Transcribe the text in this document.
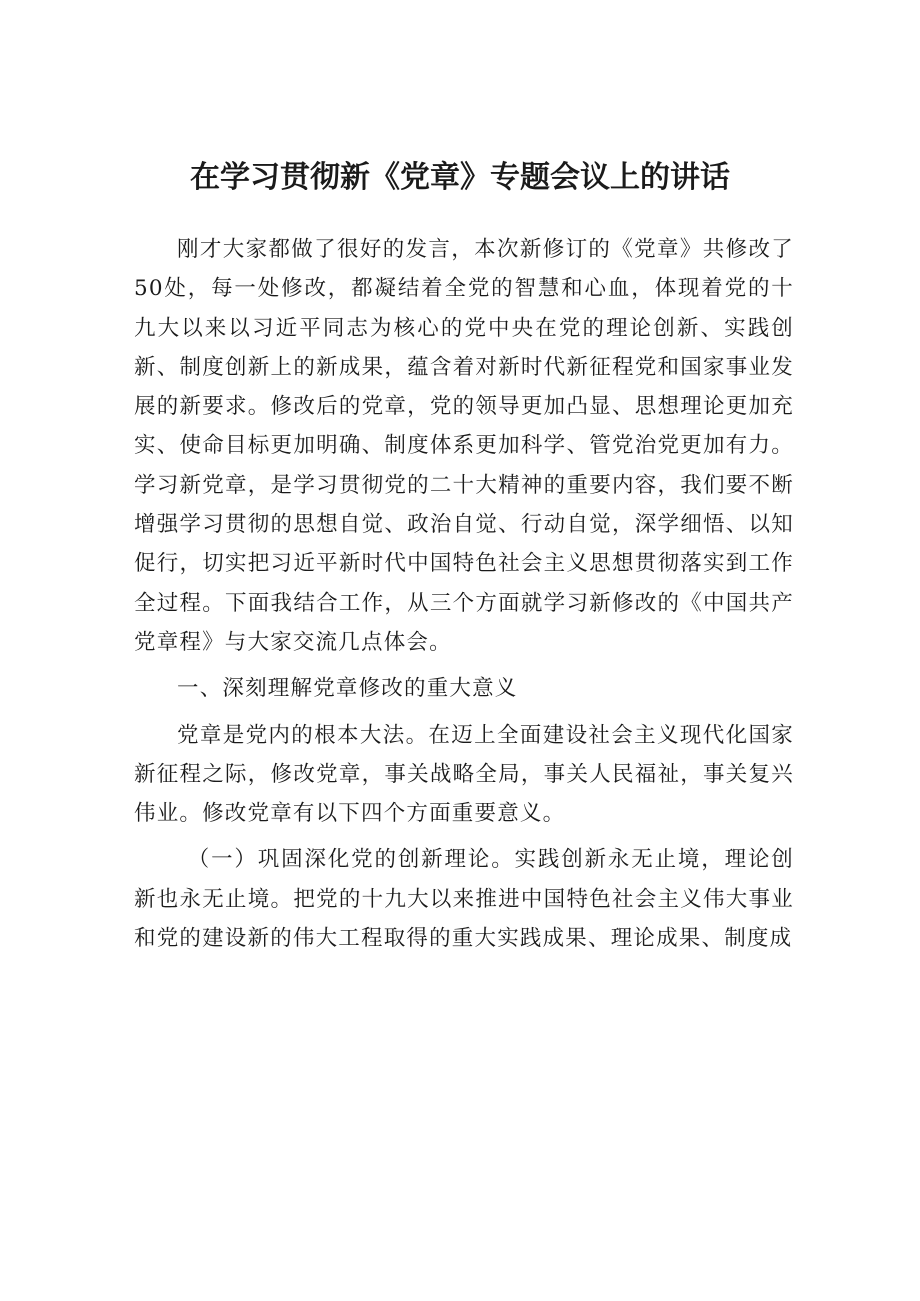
在学习贯彻新《党章》专题会议上的讲话

刚才大家都做了很好的发言，本次新修订的《党章》共修改了50处，每一处修改，都凝结着全党的智慧和心血，体现着党的十九大以来以习近平同志为核心的党中央在党的理论创新、实践创新、制度创新上的新成果，蕴含着对新时代新征程党和国家事业发展的新要求。修改后的党章，党的领导更加凸显、思想理论更加充实、使命目标更加明确、制度体系更加科学、管党治党更加有力。学习新党章，是学习贯彻党的二十大精神的重要内容，我们要不断增强学习贯彻的思想自觉、政治自觉、行动自觉，深学细悟、以知促行，切实把习近平新时代中国特色社会主义思想贯彻落实到工作全过程。下面我结合工作，从三个方面就学习新修改的《中国共产党章程》与大家交流几点体会。

一、深刻理解党章修改的重大意义

党章是党内的根本大法。在迈上全面建设社会主义现代化国家新征程之际，修改党章，事关战略全局，事关人民福祉，事关复兴伟业。修改党章有以下四个方面重要意义。

（一）巩固深化党的创新理论。实践创新永无止境，理论创新也永无止境。把党的十九大以来推进中国特色社会主义伟大事业和党的建设新的伟大工程取得的重大实践成果、理论成果、制度成
